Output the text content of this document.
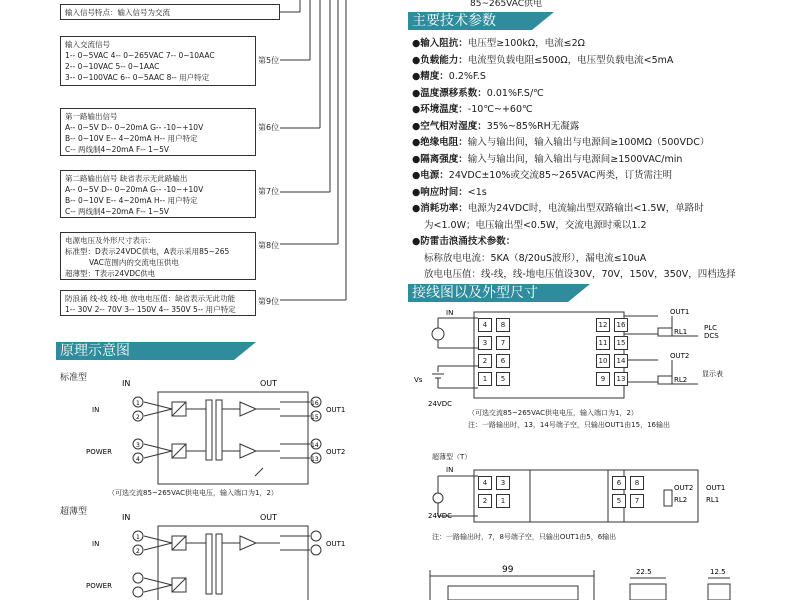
输入信号特点：输入信号为交流
输入交流信号
1-- 0~5VAC 4-- 0~265VAC 7-- 0~10AAC
2-- 0~10VAC 5-- 0~1AAC
3-- 0~100VAC 6-- 0~5AAC 8-- 用户特定
第5位
第一路输出信号
A-- 0~5V D-- 0~20mA G-- -10~+10V
B-- 0~10V E-- 4~20mA H-- 用户特定
C-- 两线制4~20mA F-- 1~5V
第6位
第二路输出信号 缺省表示无此路输出
A-- 0~5V D-- 0~20mA G-- -10~+10V
B-- 0~10V E-- 4~20mA H-- 用户特定
C-- 两线制4~20mA F-- 1~5V
第7位
电源电压及外形尺寸表示：
标准型：D表示24VDC供电，A表示采用85~265
VAC范围内的交流电压供电
超薄型：T表示24VDC供电
第8位
防浪涌 线-线 线-地 放电电压值：缺省表示无此功能
1-- 30V 2-- 70V 3-- 150V 4-- 350V 5-- 用户特定
第9位
原理示意图
标准型
IN	OUT
IN
POWER
OUT1
OUT2
1
2
3
4
16
15
14
13
（可选交流85~265VAC供电电压，输入端口为1，2）
超薄型
IN	OUT
IN
POWER
OUT1
1
2
85~265VAC供电
主要技术参数
●输入阻抗：电压型≥100kΩ，电流≤2Ω
●负载能力：电流型负载电阻≤500Ω，电压型负载电流<5mA
●精度：0.2%F.S
●温度漂移系数：0.01%F.S/℃
●环境温度：-10℃~+60℃
●空气相对湿度：35%~85%RH无凝露
●绝缘电阻：输入与输出间，输入输出与电源间≥100MΩ（500VDC）
●隔离强度：输入与输出间，输入输出与电源间≥1500VAC/min
●电源：24VDC±10%或交流85~265VAC两类，订货需注明
●响应时间：<1s
●消耗功率：电源为24VDC时，电流输出型双路输出<1.5W，单路时
为<1.0W；电压输出型<0.5W，交流电源时乘以1.2
●防雷击浪涌技术参数：
标称放电电流：5KA（8/20uS波形），漏电流≤10uA
放电电压值：线-线，线-地电压值设30V，70V，150V，350V，四档选择
接线图以及外型尺寸
IN
Vs
24VDC
OUT1
OUT2
RL1
RL2
PLC
DCS
显示表
4	8
3	7
2	6
1	5
12	16
11	15
10	14
9	13
（可选交流85~265VAC供电电压，输入端口为1，2）
注：一路输出时，13，14号端子空，只输出OUT1由15，16输出
超薄型（T）
IN
24VDC
OUT2 OUT1
RL2	RL1
4	3
2	1
6	8
5	7
注：一路输出时，7，8号端子空，只输出OUT1由5，6输出
99	22.5	12.5
